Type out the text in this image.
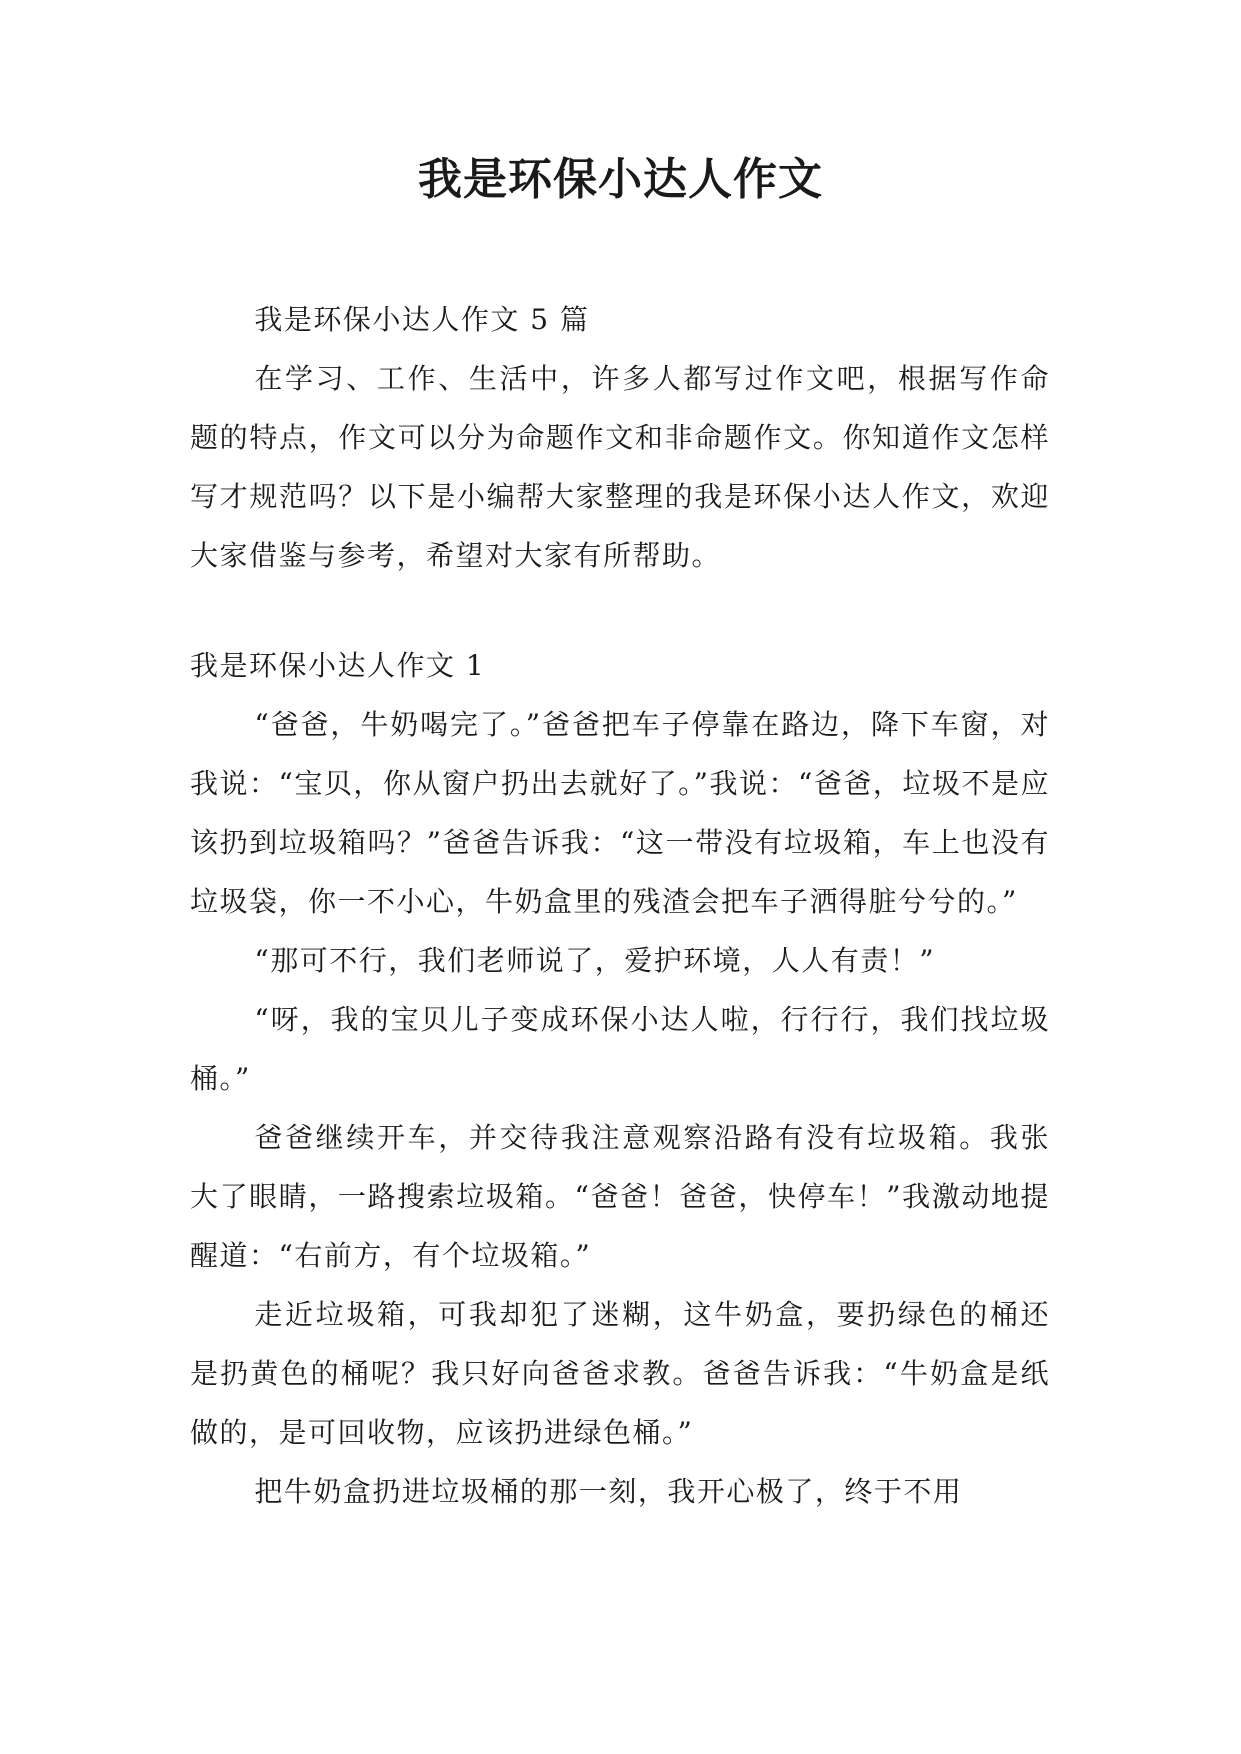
我是环保小达人作文

我是环保小达人作文 5 篇

在学习、工作、生活中，许多人都写过作文吧，根据写作命题的特点，作文可以分为命题作文和非命题作文。你知道作文怎样写才规范吗？以下是小编帮大家整理的我是环保小达人作文，欢迎大家借鉴与参考，希望对大家有所帮助。

我是环保小达人作文 1

“爸爸，牛奶喝完了。”爸爸把车子停靠在路边，降下车窗，对我说：“宝贝，你从窗户扔出去就好了。”我说：“爸爸，垃圾不是应该扔到垃圾箱吗？”爸爸告诉我：“这一带没有垃圾箱，车上也没有垃圾袋，你一不小心，牛奶盒里的残渣会把车子洒得脏兮兮的。”

“那可不行，我们老师说了，爱护环境，人人有责！”

“呀，我的宝贝儿子变成环保小达人啦，行行行，我们找垃圾桶。”

爸爸继续开车，并交待我注意观察沿路有没有垃圾箱。我张大了眼睛，一路搜索垃圾箱。“爸爸！爸爸，快停车！”我激动地提醒道：“右前方，有个垃圾箱。”

走近垃圾箱，可我却犯了迷糊，这牛奶盒，要扔绿色的桶还是扔黄色的桶呢？我只好向爸爸求教。爸爸告诉我：“牛奶盒是纸做的，是可回收物，应该扔进绿色桶。”

把牛奶盒扔进垃圾桶的那一刻，我开心极了，终于不用
